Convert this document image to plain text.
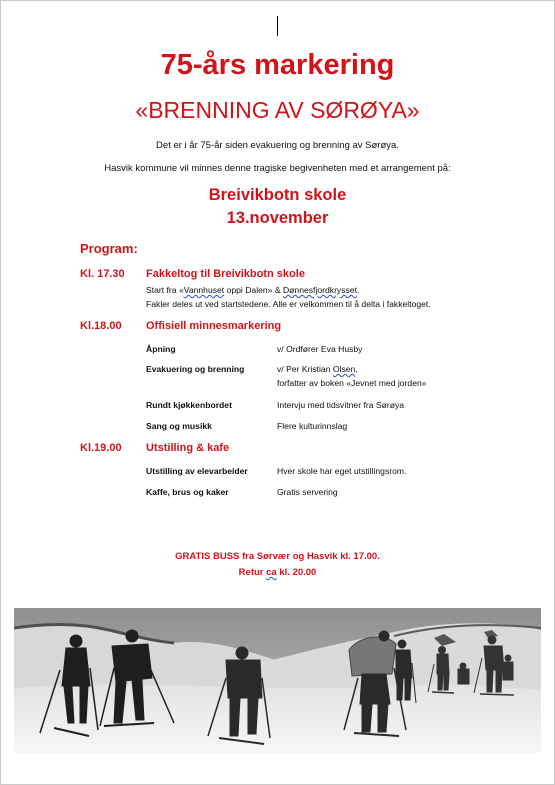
75-års markering
«BRENNING AV SØRØYA»
Det er i år 75-år siden evakuering og brenning av Sørøya.
Hasvik kommune vil minnes denne tragiske begivenheten med et arrangement på:
Breivikbotn skole
13.november
Program:
Kl. 17.30 Fakkeltog til Breivikbotn skole
Start fra «Vannhuset oppi Dalen» & Dønnesfjordkrysset.
Fakler deles ut ved startstedene. Alle er velkommen til å delta i fakkeltoget.
Kl.18.00 Offisiell minnesmarkering
Åpning	v/ Ordfører Eva Husby
Evakuering og brenning	v/ Per Kristian Olsen,
forfatter av boken «Jevnet med jorden»
Rundt kjøkkenbordet	Intervju med tidsvitner fra Sørøya
Sang og musikk	Flere kulturinnslag
Kl.19.00 Utstilling & kafe
Utstilling av elevarbeider	Hver skole har eget utstillingsrom.
Kaffe, brus og kaker	Gratis servering
GRATIS BUSS fra Sørvær og Hasvik kl. 17.00.
Retur ca kl. 20.00
